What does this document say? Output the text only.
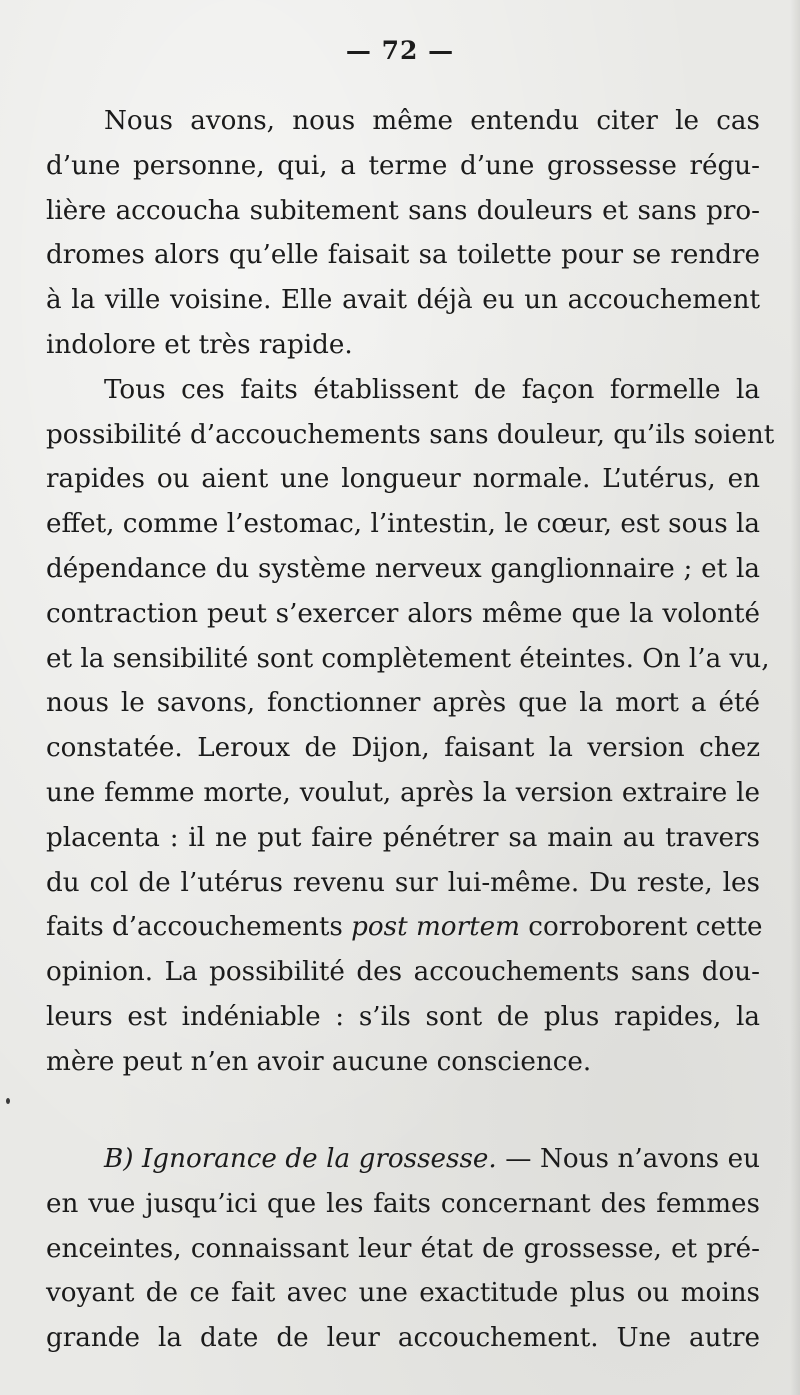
— 72 —
Nous avons, nous même entendu citer le cas
d’une personne, qui, a terme d’une grossesse régu-
lière accoucha subitement sans douleurs et sans pro-
dromes alors qu’elle faisait sa toilette pour se rendre
à la ville voisine. Elle avait déjà eu un accouchement
indolore et très rapide.
Tous ces faits établissent de façon formelle la
possibilité d’accouchements sans douleur, qu’ils soient
rapides ou aient une longueur normale. L’utérus, en
effet, comme l’estomac, l’intestin, le cœur, est sous la
dépendance du système nerveux ganglionnaire ; et la
contraction peut s’exercer alors même que la volonté
et la sensibilité sont complètement éteintes. On l’a vu,
nous le savons, fonctionner après que la mort a été
constatée. Leroux de Dijon, faisant la version chez
une femme morte, voulut, après la version extraire le
placenta : il ne put faire pénétrer sa main au travers
du col de l’utérus revenu sur lui-même. Du reste, les
faits d’accouchements post mortem corroborent cette
opinion. La possibilité des accouchements sans dou-
leurs est indéniable : s’ils sont de plus rapides, la
mère peut n’en avoir aucune conscience.
B) Ignorance de la grossesse. — Nous n’avons eu
en vue jusqu’ici que les faits concernant des femmes
enceintes, connaissant leur état de grossesse, et pré-
voyant de ce fait avec une exactitude plus ou moins
grande la date de leur accouchement. Une autre
